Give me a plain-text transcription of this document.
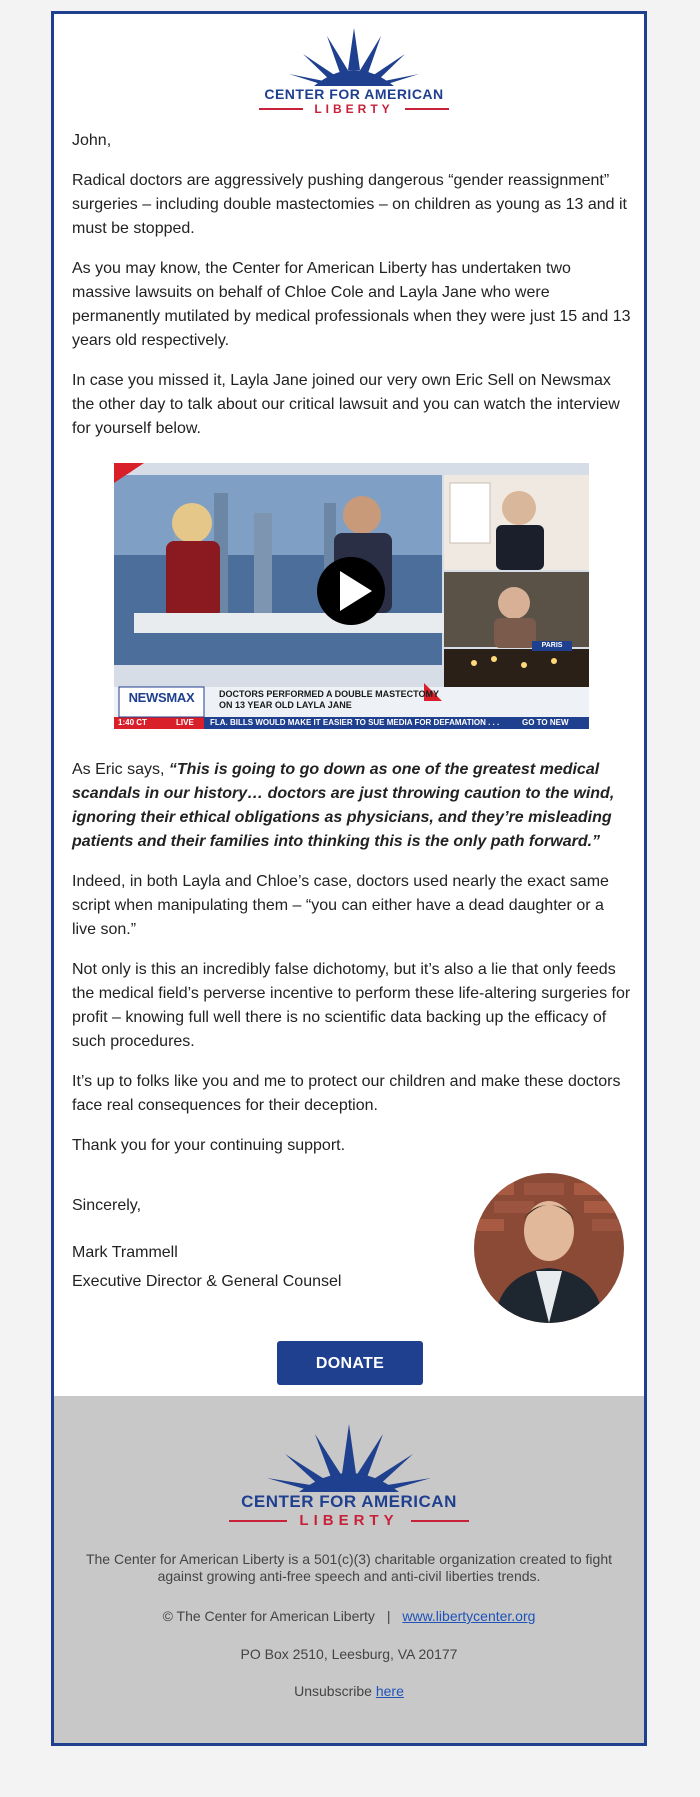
CENTER FOR AMERICAN
LIBERTY

John,

Radical doctors are aggressively pushing dangerous “gender reassignment” surgeries – including double mastectomies – on children as young as 13 and it must be stopped.

As you may know, the Center for American Liberty has undertaken two massive lawsuits on behalf of Chloe Cole and Layla Jane who were permanently mutilated by medical professionals when they were just 15 and 13 years old respectively.

In case you missed it, Layla Jane joined our very own Eric Sell on Newsmax the other day to talk about our critical lawsuit and you can watch the interview for yourself below.

NEWSMAX	DOCTORS PERFORMED A DOUBLE MASTECTOMY
ON 13 YEAR OLD LAYLA JANE
1:40 CT	LIVE	FLA. BILLS WOULD MAKE IT EASIER TO SUE MEDIA FOR DEFAMATION . . .	GO TO NEW
PARIS

As Eric says, “This is going to go down as one of the greatest medical scandals in our history… doctors are just throwing caution to the wind, ignoring their ethical obligations as physicians, and they’re misleading patients and their families into thinking this is the only path forward.”

Indeed, in both Layla and Chloe’s case, doctors used nearly the exact same script when manipulating them – “you can either have a dead daughter or a live son.”

Not only is this an incredibly false dichotomy, but it’s also a lie that only feeds the medical field’s perverse incentive to perform these life-altering surgeries for profit – knowing full well there is no scientific data backing up the efficacy of such procedures.

It’s up to folks like you and me to protect our children and make these doctors face real consequences for their deception.

Thank you for your continuing support.

Sincerely,

Mark Trammell

Executive Director & General Counsel

DONATE
CENTER FOR AMERICAN
LIBERTY
The Center for American Liberty is a 501(c)(3) charitable organization created to fight against growing anti-free speech and anti-civil liberties trends.
© The Center for American Liberty | www.libertycenter.org
PO Box 2510, Leesburg, VA 20177
Unsubscribe here
